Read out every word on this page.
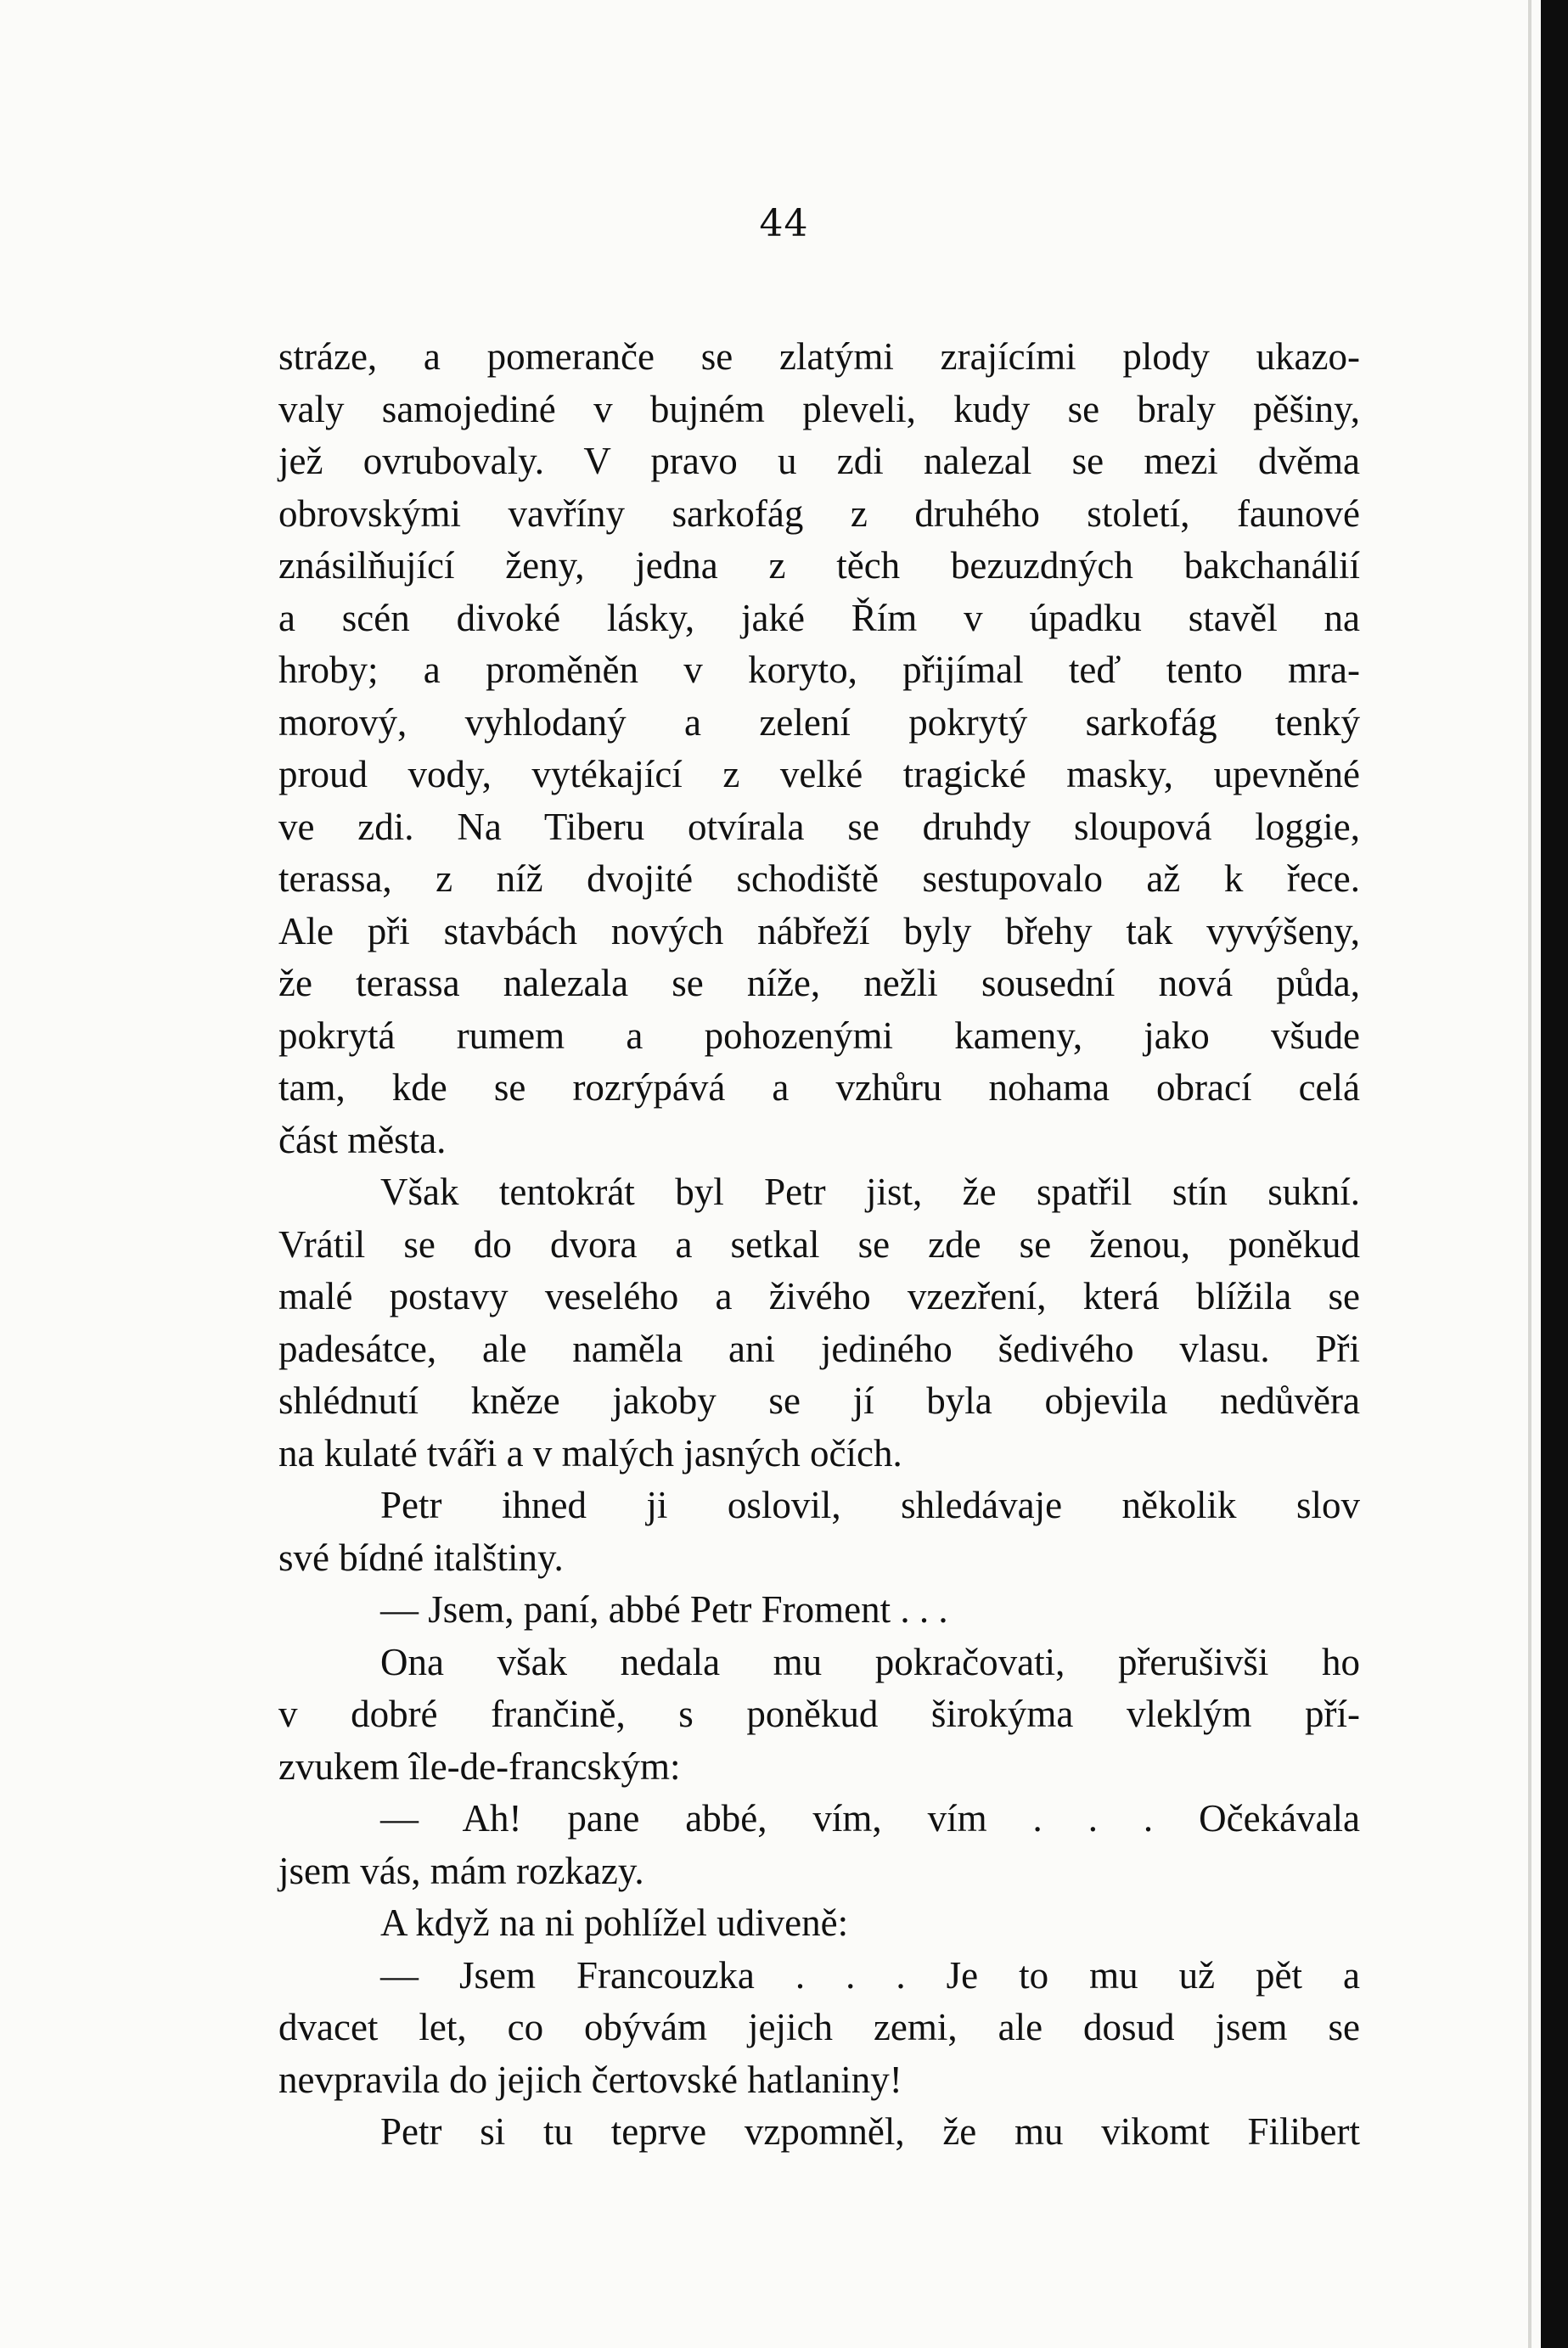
44
stráze, a pomeranče se zlatými zrajícími plody ukazo-
valy samojediné v bujném pleveli, kudy se braly pěšiny,
jež ovrubovaly. V pravo u zdi nalezal se mezi dvěma
obrovskými vavříny sarkofág z druhého století, faunové
znásilňující ženy, jedna z těch bezuzdných bakchanálií
a scén divoké lásky, jaké Řím v úpadku stavěl na
hroby; a proměněn v koryto, přijímal teď tento mra-
morový, vyhlodaný a zelení pokrytý sarkofág tenký
proud vody, vytékající z velké tragické masky, upevněné
ve zdi. Na Tiberu otvírala se druhdy sloupová loggie,
terassa, z níž dvojité schodiště sestupovalo až k řece.
Ale při stavbách nových nábřeží byly břehy tak vyvýšeny,
že terassa nalezala se níže, nežli sousední nová půda,
pokrytá rumem a pohozenými kameny, jako všude
tam, kde se rozrýpává a vzhůru nohama obrací celá
část města.
Však tentokrát byl Petr jist, že spatřil stín sukní.
Vrátil se do dvora a setkal se zde se ženou, poněkud
malé postavy veselého a živého vzezření, která blížila se
padesátce, ale naměla ani jediného šedivého vlasu. Při
shlédnutí kněze jakoby se jí byla objevila nedůvěra
na kulaté tváři a v malých jasných očích.
Petr ihned ji oslovil, shledávaje několik slov
své bídné italštiny.
— Jsem, paní, abbé Petr Froment . . .
Ona však nedala mu pokračovati, přerušivši ho
v dobré frančině, s poněkud širokýma vleklým pří-
zvukem île-de-francským:
— Ah! pane abbé, vím, vím . . . Očekávala
jsem vás, mám rozkazy.
A když na ni pohlížel udiveně:
— Jsem Francouzka . . . Je to mu už pět a
dvacet let, co obývám jejich zemi, ale dosud jsem se
nevpravila do jejich čertovské hatlaniny!
Petr si tu teprve vzpomněl, že mu vikomt Filibert
